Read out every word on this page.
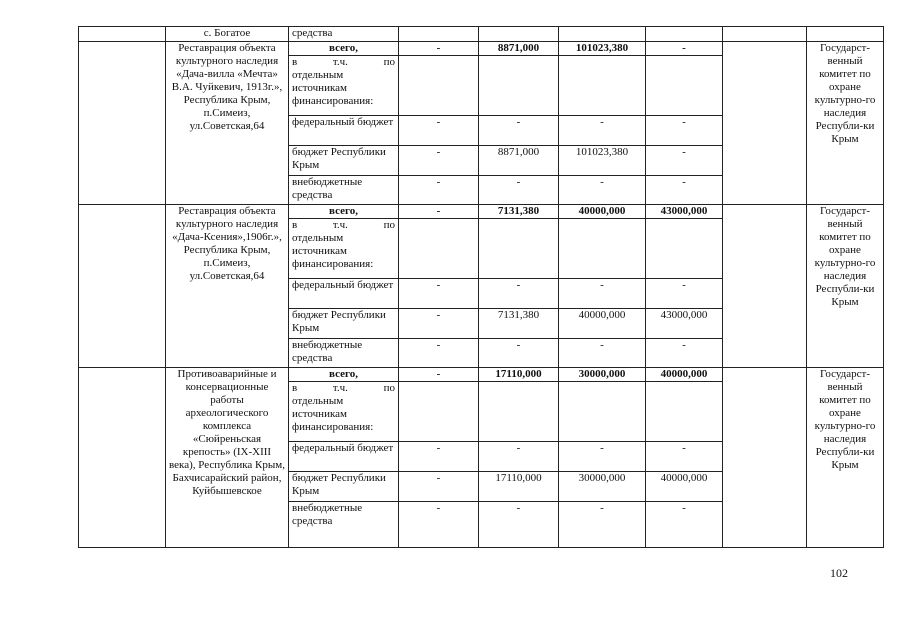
	с. Богатое	средства						
	Реставрация объекта культурного наследия «Дача-вилла «Мечта» В.А. Чуйкевич, 1913г.», Республика Крым, п.Симеиз, ул.Советская,64	всего,	-	8871,000	101023,380	-		Государст-венный комитет по охране культурно-го наследия Республи-ки Крым

		в т.ч. по
отдельным источникам финансирования:						

		федеральный бюджет	-	-	-	-		
		бюджет Республики Крым	-	8871,000	101023,380	-		
		внебюджетные средства	-	-	-	-		
	Реставрация объекта культурного наследия «Дача-Ксения»,1906г.», Республика Крым, п.Симеиз, ул.Советская,64	всего,	-	7131,380	40000,000	43000,000		Государст-венный комитет по охране культурно-го наследия Республи-ки Крым

		в т.ч. по
отдельным источникам финансирования:						

		федеральный бюджет	-	-	-	-		
		бюджет Республики Крым	-	7131,380	40000,000	43000,000		
		внебюджетные средства	-	-	-	-		
	Противоаварийные и консервационные работы археологического комплекса «Сюйреньская крепость» (IX-XIII века), Республика Крым, Бахчисарайский район, Куйбышевское	всего,	-	17110,000	30000,000	40000,000		Государст-венный комитет по охране культурно-го наследия Республи-ки Крым

		в т.ч. по
отдельным источникам финансирования:						

		федеральный бюджет	-	-	-	-		
		бюджет Республики Крым	-	17110,000	30000,000	40000,000		
		внебюджетные средства	-	-	-	-		
102
